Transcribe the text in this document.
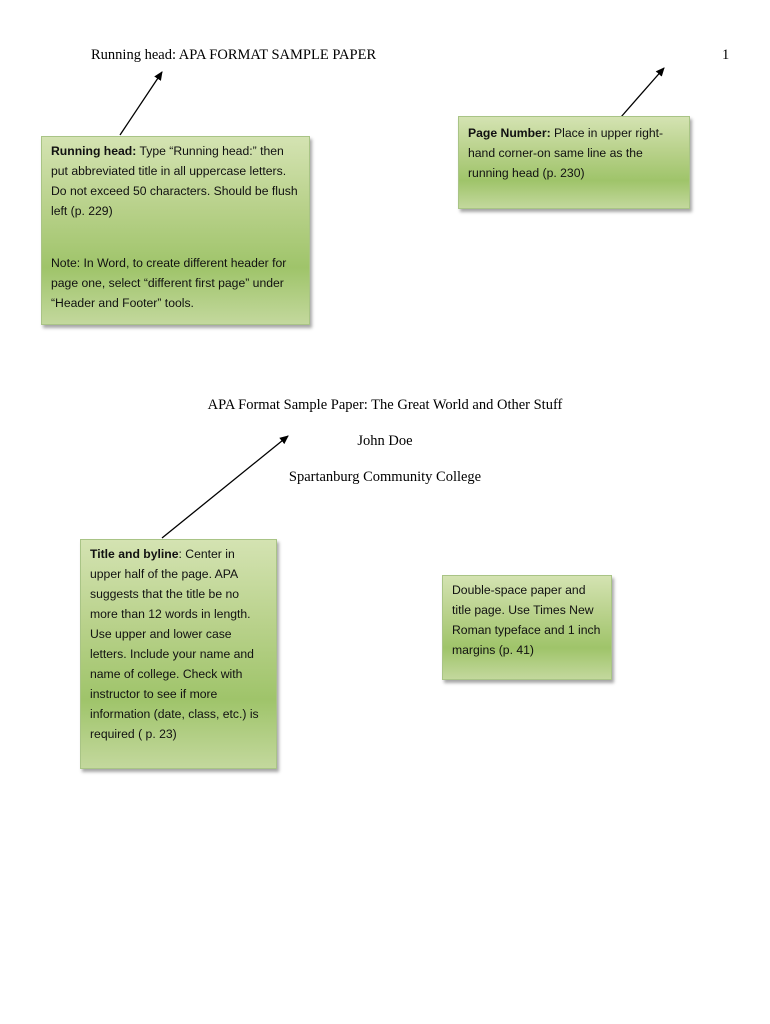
Running head: APA FORMAT SAMPLE PAPER	1
APA Format Sample Paper: The Great World and Other Stuff
John Doe
Spartanburg Community College

Running head: Type “Running head:” then put abbreviated title in all uppercase letters. Do not exceed 50 characters. Should be flush left (p. 229)

Note: In Word, to create different header for page one, select “different first page” under “Header and Footer” tools.

Page Number: Place in upper right-hand corner-on same line as the running head (p. 230)

Title and byline: Center in upper half of the page. APA suggests that the title be no more than 12 words in length. Use upper and lower case letters. Include your name and name of college. Check with instructor to see if more information (date, class, etc.) is required ( p. 23)

Double-space paper and title page. Use Times New Roman typeface and 1 inch margins (p. 41)
